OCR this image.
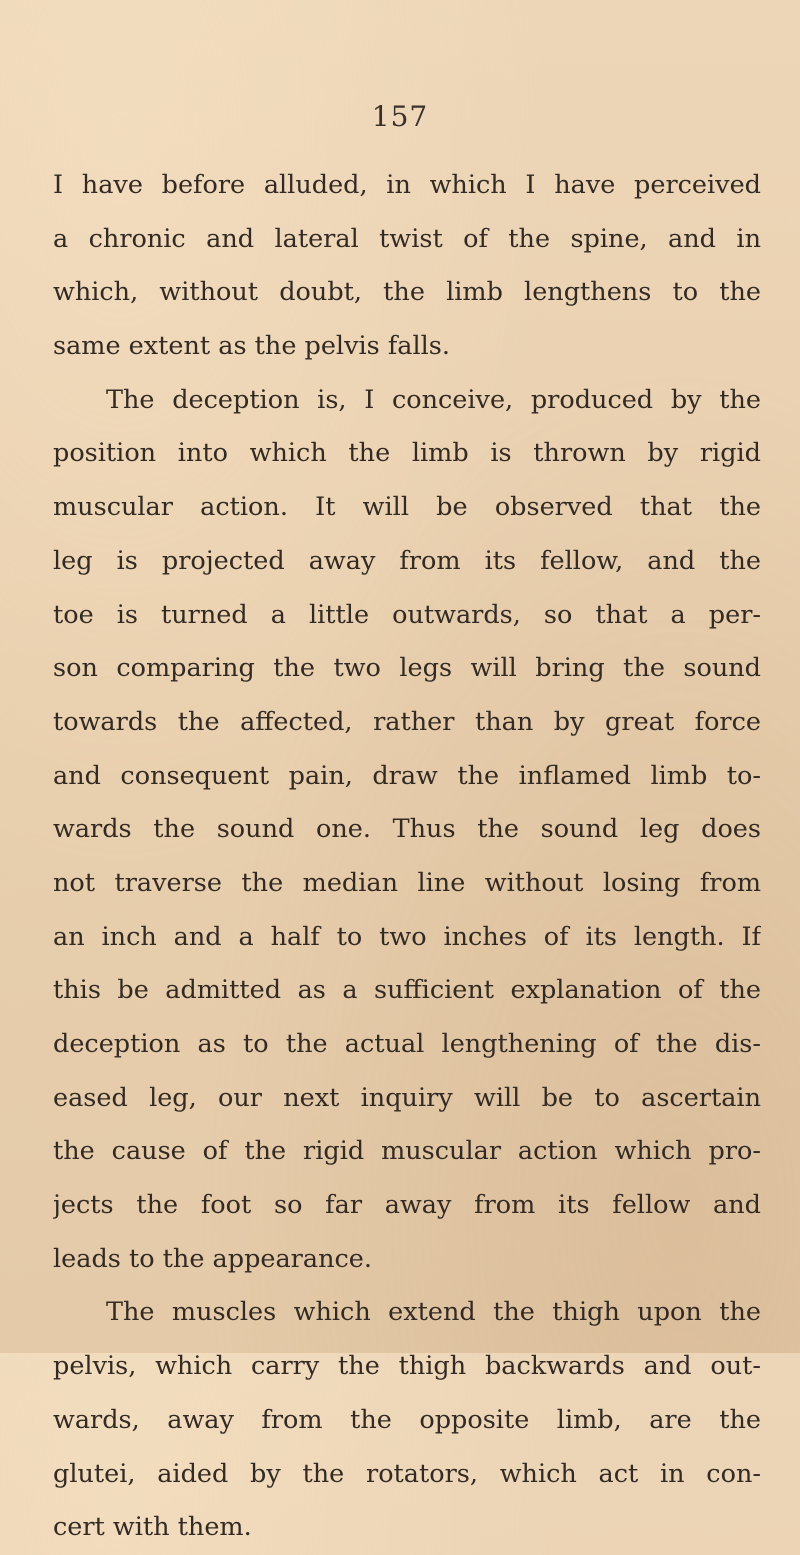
157
I have before alluded, in which I have perceived
a chronic and lateral twist of the spine, and in
which, without doubt, the limb lengthens to the
same extent as the pelvis falls.
The deception is, I conceive, produced by the
position into which the limb is thrown by rigid
muscular action. It will be observed that the
leg is projected away from its fellow, and the
toe is turned a little outwards, so that a per-
son comparing the two legs will bring the sound
towards the affected, rather than by great force
and consequent pain, draw the inflamed limb to-
wards the sound one. Thus the sound leg does
not traverse the median line without losing from
an inch and a half to two inches of its length. If
this be admitted as a sufficient explanation of the
deception as to the actual lengthening of the dis-
eased leg, our next inquiry will be to ascertain
the cause of the rigid muscular action which pro-
jects the foot so far away from its fellow and
leads to the appearance.
The muscles which extend the thigh upon the
pelvis, which carry the thigh backwards and out-
wards, away from the opposite limb, are the
glutei, aided by the rotators, which act in con-
cert with them.
